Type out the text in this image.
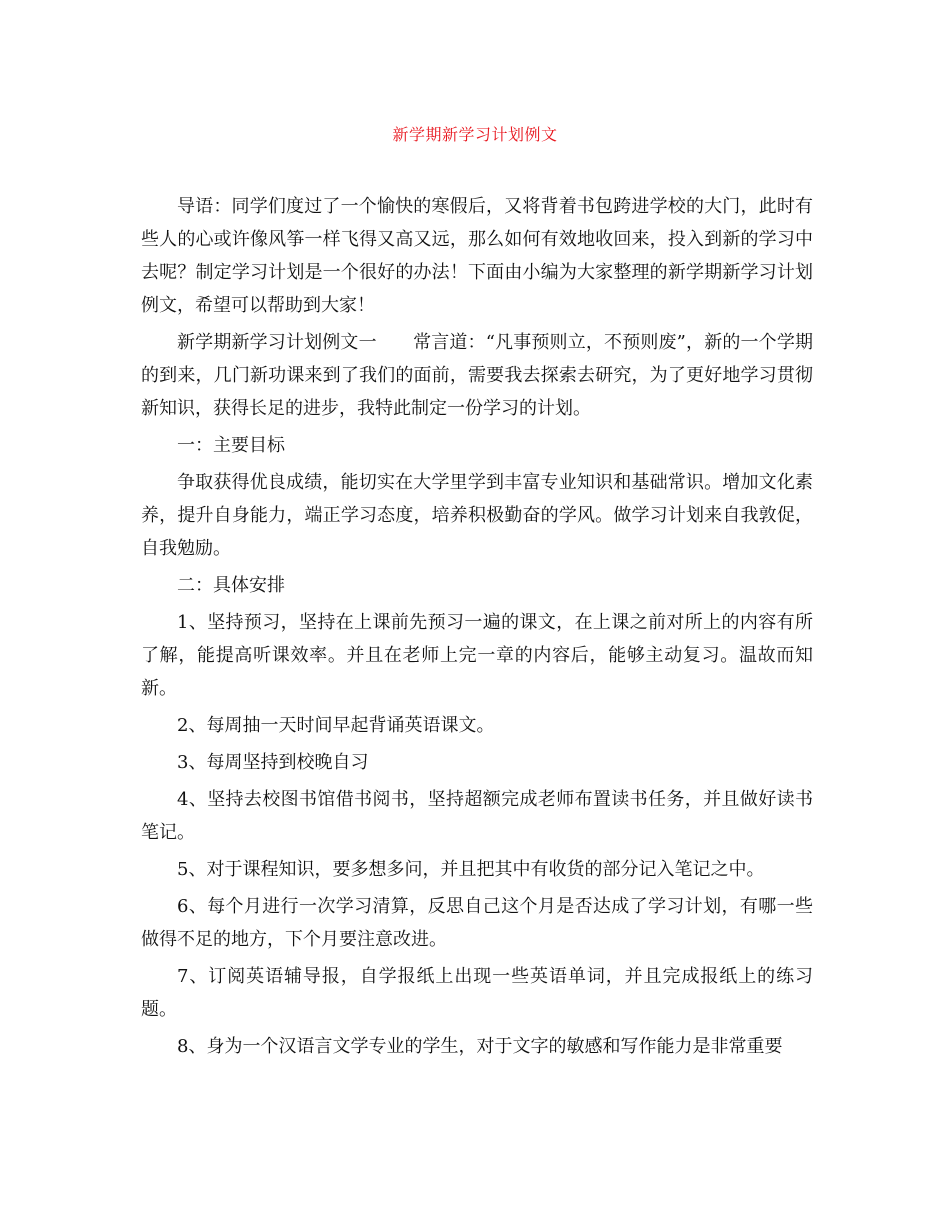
新学期新学习计划例文

导语：同学们度过了一个愉快的寒假后，又将背着书包跨进学校的大门，此时有些人的心或许像风筝一样飞得又高又远，那么如何有效地收回来，投入到新的学习中去呢？制定学习计划是一个很好的办法！下面由小编为大家整理的新学期新学习计划例文，希望可以帮助到大家！

新学期新学习计划例文一　　常言道：“凡事预则立，不预则废”，新的一个学期的到来，几门新功课来到了我们的面前，需要我去探索去研究，为了更好地学习贯彻新知识，获得长足的进步，我特此制定一份学习的计划。

一：主要目标

争取获得优良成绩，能切实在大学里学到丰富专业知识和基础常识。增加文化素养，提升自身能力，端正学习态度，培养积极勤奋的学风。做学习计划来自我敦促，自我勉励。

二：具体安排

1、坚持预习，坚持在上课前先预习一遍的课文，在上课之前对所上的内容有所了解，能提高听课效率。并且在老师上完一章的内容后，能够主动复习。温故而知新。

2、每周抽一天时间早起背诵英语课文。

3、每周坚持到校晚自习

4、坚持去校图书馆借书阅书，坚持超额完成老师布置读书任务，并且做好读书笔记。

5、对于课程知识，要多想多问，并且把其中有收货的部分记入笔记之中。

6、每个月进行一次学习清算，反思自己这个月是否达成了学习计划，有哪一些做得不足的地方，下个月要注意改进。

7、订阅英语辅导报，自学报纸上出现一些英语单词，并且完成报纸上的练习题。

8、身为一个汉语言文学专业的学生，对于文字的敏感和写作能力是非常重要
